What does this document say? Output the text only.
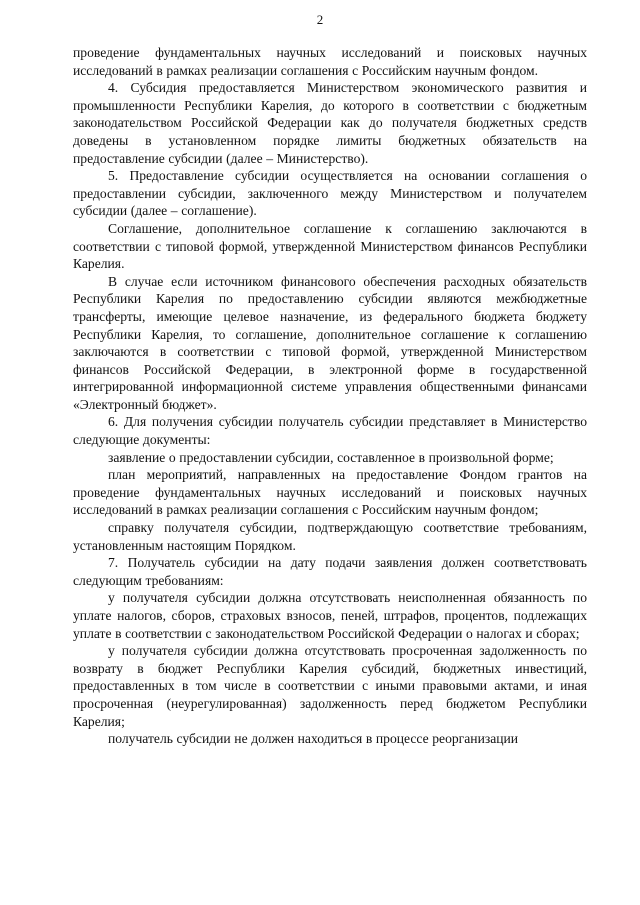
2

проведение фундаментальных научных исследований и поисковых научных исследований в рамках реализации соглашения с Российским научным фондом.

4. Субсидия предоставляется Министерством экономического развития и промышленности Республики Карелия, до которого в соответствии с бюджетным законодательством Российской Федерации как до получателя бюджетных средств доведены в установленном порядке лимиты бюджетных обязательств на предоставление субсидии (далее – Министерство).

5. Предоставление субсидии осуществляется на основании соглашения о предоставлении субсидии, заключенного между Министерством и получателем субсидии (далее – соглашение).

Соглашение, дополнительное соглашение к соглашению заключаются в соответствии с типовой формой, утвержденной Министерством финансов Республики Карелия.

В случае если источником финансового обеспечения расходных обязательств Республики Карелия по предоставлению субсидии являются межбюджетные трансферты, имеющие целевое назначение, из федерального бюджета бюджету Республики Карелия, то соглашение, дополнительное соглашение к соглашению заключаются в соответствии с типовой формой, утвержденной Министерством финансов Российской Федерации, в электронной форме в государственной интегрированной информационной системе управления общественными финансами «Электронный бюджет».

6. Для получения субсидии получатель субсидии представляет в Министерство следующие документы:

заявление о предоставлении субсидии, составленное в произвольной форме;

план мероприятий, направленных на предоставление Фондом грантов на проведение фундаментальных научных исследований и поисковых научных исследований в рамках реализации соглашения с Российским научным фондом;

справку получателя субсидии, подтверждающую соответствие требованиям, установленным настоящим Порядком.

7. Получатель субсидии на дату подачи заявления должен соответствовать следующим требованиям:

у получателя субсидии должна отсутствовать неисполненная обязанность по уплате налогов, сборов, страховых взносов, пеней, штрафов, процентов, подлежащих уплате в соответствии с законодательством Российской Федерации о налогах и сборах;

у получателя субсидии должна отсутствовать просроченная задолженность по возврату в бюджет Республики Карелия субсидий, бюджетных инвестиций, предоставленных в том числе в соответствии с иными правовыми актами, и иная просроченная (неурегулированная) задолженность перед бюджетом Республики Карелия;

получатель субсидии не должен находиться в процессе реорганизации
